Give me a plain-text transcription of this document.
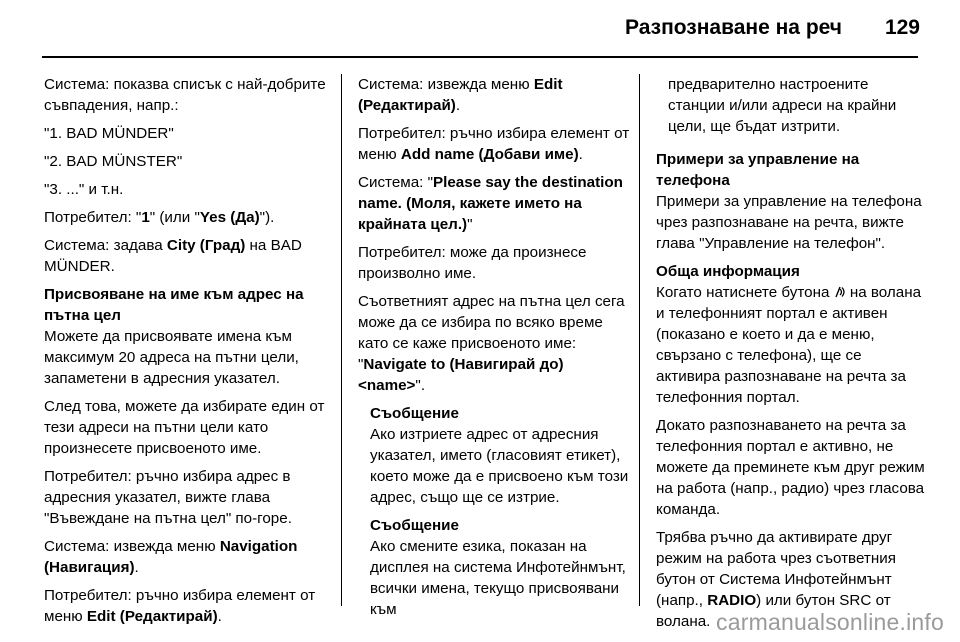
Разпознаване на реч 129

Система: показва списък с най-добрите съвпадения, напр.:

"1. BAD MÜNDER"

"2. BAD MÜNSTER"

"3. ..." и т.н.

Потребител: "1" (или "Yes (Да)").

Система: задава City (Град) на BAD MÜNDER.

Присвояване на име към адрес на пътна цел

Можете да присвоявате имена към максимум 20 адреса на пътни цели, запаметени в адресния указател.

След това, можете да избирате един от тези адреси на пътни цели като произнесете присвоеното име.

Потребител: ръчно избира адрес в адресния указател, вижте глава "Въвеждане на пътна цел" по-горе.

Система: извежда меню Navigation (Навигация).

Потребител: ръчно избира елемент от меню Edit (Редактирай).

Система: извежда меню Edit (Редактирай).

Потребител: ръчно избира елемент от меню Add name (Добави име).

Система: "Please say the destination name. (Моля, кажете името на крайната цел.)"

Потребител: може да произнесе произволно име.

Съответният адрес на пътна цел сега може да се избира по всяко време като се каже присвоеното име: "Navigate to (Навигирай до) <name>".

Съобщение

Ако изтриете адрес от адресния указател, името (гласовият етикет), което може да е присвоено към този адрес, също ще се изтрие.

Съобщение

Ако смените езика, показан на дисплея на система Инфотейнмънт, всички имена, текущо присвоявани към

предварително настроените станции и/или адреси на крайни цели, ще бъдат изтрити.

Примери за управление на телефона

Примери за управление на телефона чрез разпознаване на речта, вижте глава "Управление на телефон".

Обща информация

Когато натиснете бутона  на волана и телефонният портал е активен (показано е което и да е меню, свързано с телефона), ще се активира разпознаване на речта за телефонния портал.

Докато разпознаването на речта за телефонния портал е активно, не можете да преминете към друг режим на работа (напр., радио) чрез гласова команда.

Трябва ръчно да активирате друг режим на работа чрез съответния бутон от Система Инфотейнмънт (напр., RADIO) или бутон SRC от волана. carmanualsonline.info
